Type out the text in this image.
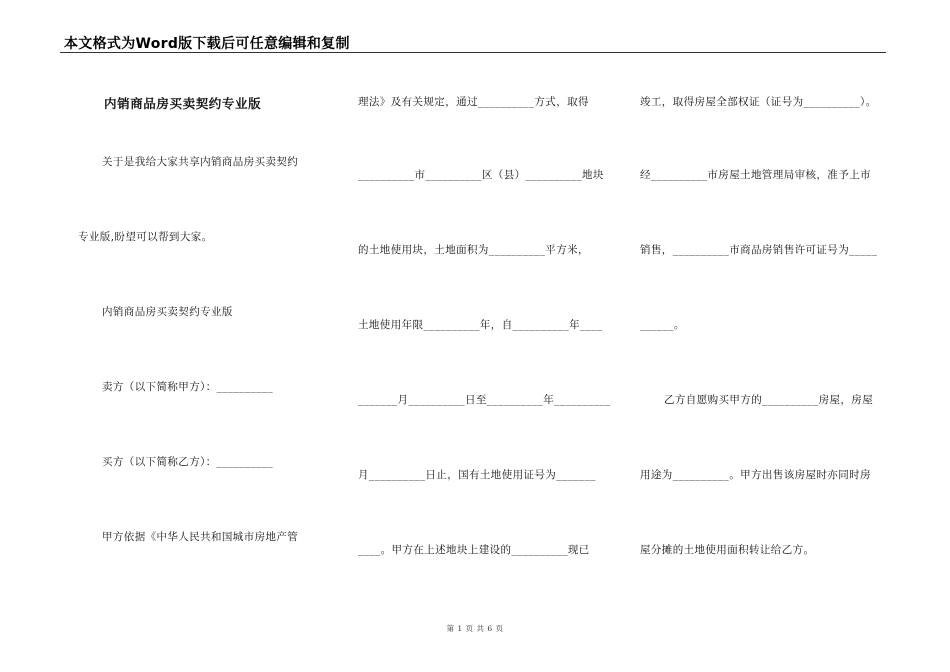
本文格式为Word版下载后可任意编辑和复制
内销商品房买卖契约专业版
关于是我给大家共享内销商品房买卖契约
专业版,盼望可以帮到大家。
内销商品房买卖契约专业版
卖方（以下简称甲方）：__________
买方（以下简称乙方）：__________
甲方依据《中华人民共和国城市房地产管
理法》及有关规定，通过__________方式，取得
__________市__________区（县）__________地块
的土地使用块，土地面积为__________平方米，
土地使用年限__________年，自__________年____
_______月__________日至__________年__________
月__________日止，国有土地使用证号为_______
____。甲方在上述地块上建设的__________现已
竣工，取得房屋全部权证（证号为__________）。
经__________市房屋土地管理局审核，准予上市
销售，__________市商品房销售许可证号为_____
______。
乙方自愿购买甲方的__________房屋，房屋
用途为__________。甲方出售该房屋时亦同时房
屋分摊的土地使用面积转让给乙方。
第 1 页 共 6 页
